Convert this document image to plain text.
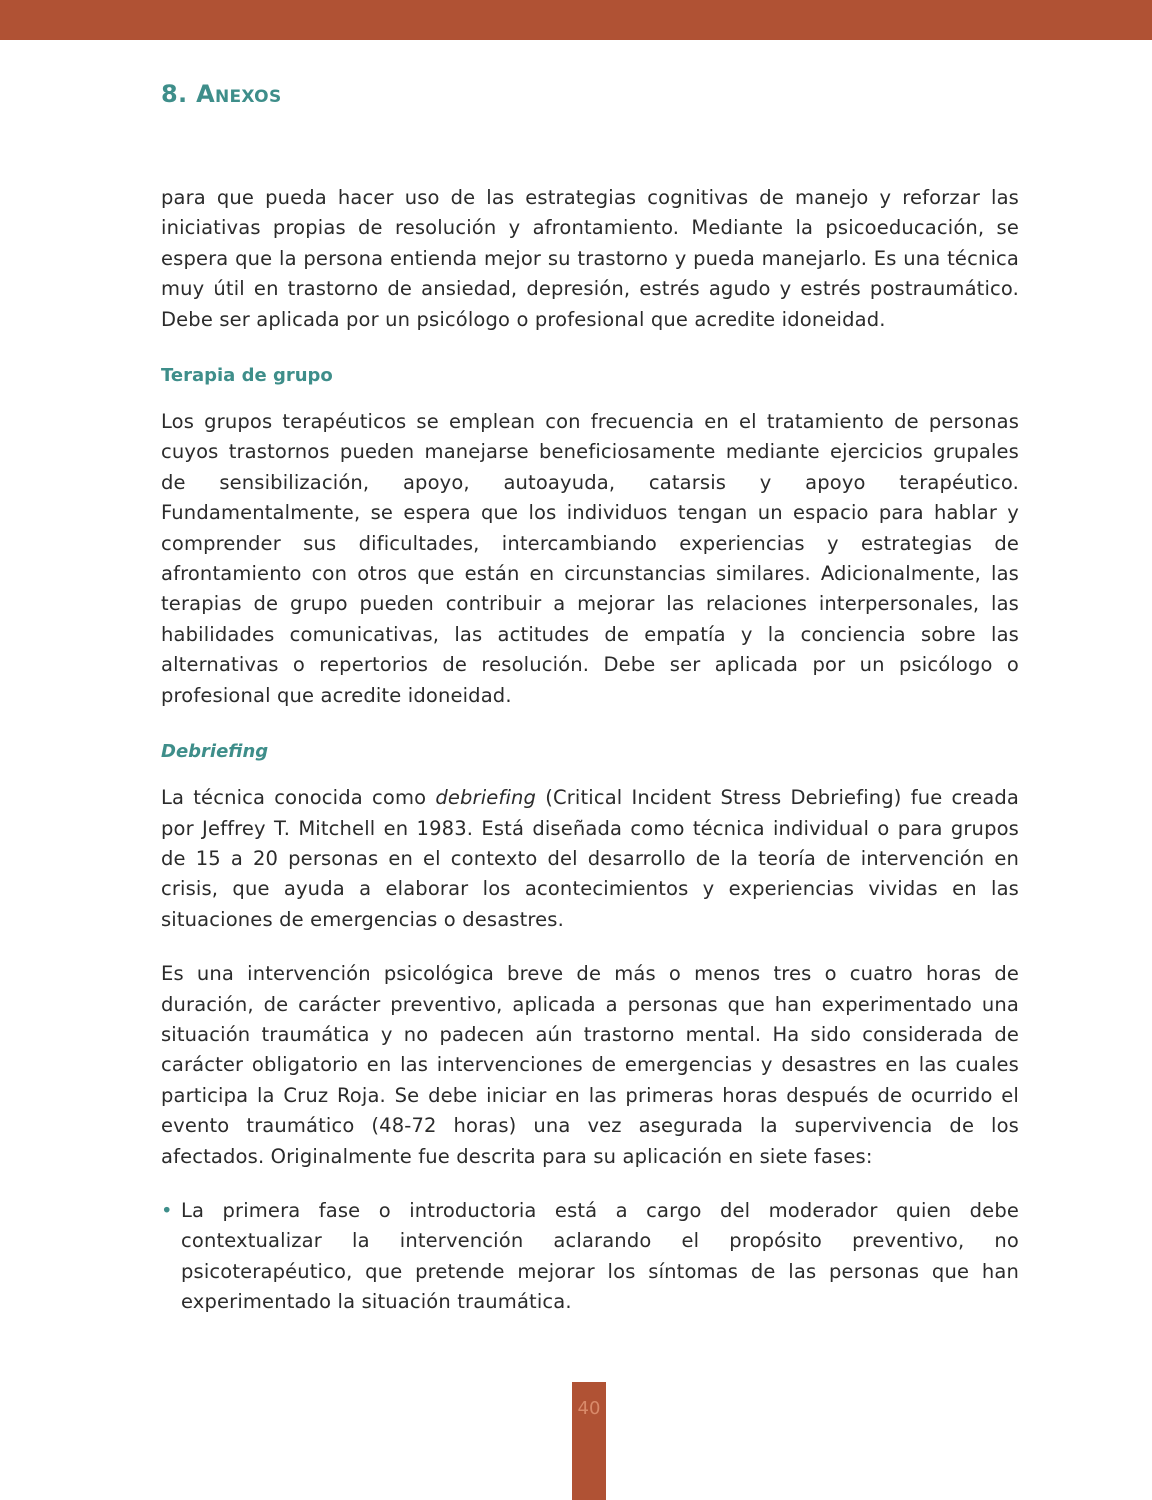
8. Anexos

para que pueda hacer uso de las estrategias cognitivas de manejo y reforzar las iniciativas propias de resolución y afrontamiento. Mediante la psicoeducación, se espera que la persona entienda mejor su trastorno y pueda manejarlo. Es una técnica muy útil en trastorno de ansiedad, depresión, estrés agudo y estrés postraumático. Debe ser aplicada por un psicólogo o profesional que acredite idoneidad.

Terapia de grupo

Los grupos terapéuticos se emplean con frecuencia en el tratamiento de personas cuyos trastornos pueden manejarse beneficiosamente mediante ejercicios grupales de sensibilización, apoyo, autoayuda, catarsis y apoyo terapéutico. Fundamentalmente, se espera que los individuos tengan un espacio para hablar y comprender sus dificultades, intercambiando experiencias y estrategias de afrontamiento con otros que están en circunstancias similares. Adicionalmente, las terapias de grupo pueden contribuir a mejorar las relaciones interpersonales, las habilidades comunicativas, las actitudes de empatía y la conciencia sobre las alternativas o repertorios de resolución. Debe ser aplicada por un psicólogo o profesional que acredite idoneidad.

Debriefing

La técnica conocida como debriefing (Critical Incident Stress Debriefing) fue creada por Jeffrey T. Mitchell en 1983. Está diseñada como técnica individual o para grupos de 15 a 20 personas en el contexto del desarrollo de la teoría de intervención en crisis, que ayuda a elaborar los acontecimientos y experiencias vividas en las situaciones de emergencias o desastres.

Es una intervención psicológica breve de más o menos tres o cuatro horas de duración, de carácter preventivo, aplicada a personas que han experimentado una situación traumática y no padecen aún trastorno mental. Ha sido considerada de carácter obligatorio en las intervenciones de emergencias y desastres en las cuales participa la Cruz Roja. Se debe iniciar en las primeras horas después de ocurrido el evento traumático (48-72 horas) una vez asegurada la supervivencia de los afectados. Originalmente fue descrita para su aplicación en siete fases:

• La primera fase o introductoria está a cargo del moderador quien debe contextualizar la intervención aclarando el propósito preventivo, no psicoterapéutico, que pretende mejorar los síntomas de las personas que han experimentado la situación traumática.

40
